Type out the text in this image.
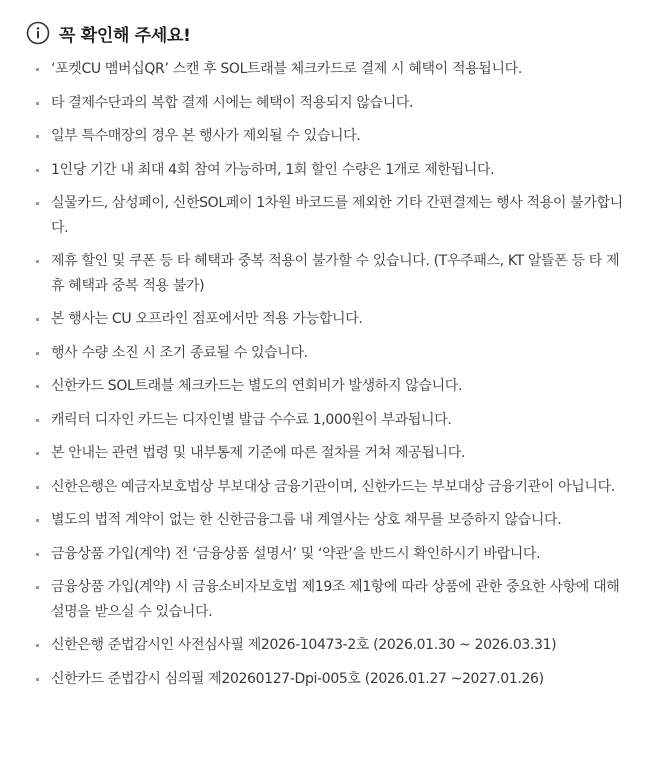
꼭 확인해 주세요!
‘포켓CU 멤버십QR’ 스캔 후 SOL트래블 체크카드로 결제 시 혜택이 적용됩니다.
타 결제수단과의 복합 결제 시에는 혜택이 적용되지 않습니다.
일부 특수매장의 경우 본 행사가 제외될 수 있습니다.
1인당 기간 내 최대 4회 참여 가능하며, 1회 할인 수량은 1개로 제한됩니다.
실물카드, 삼성페이, 신한SOL페이 1차원 바코드를 제외한 기타 간편결제는 행사 적용이 불가합니다.
제휴 할인 및 쿠폰 등 타 혜택과 중복 적용이 불가할 수 있습니다. (T우주패스, KT 알뜰폰 등 타 제휴 혜택과 중복 적용 불가)
본 행사는 CU 오프라인 점포에서만 적용 가능합니다.
행사 수량 소진 시 조기 종료될 수 있습니다.
신한카드 SOL트래블 체크카드는 별도의 연회비가 발생하지 않습니다.
캐릭터 디자인 카드는 디자인별 발급 수수료 1,000원이 부과됩니다.
본 안내는 관련 법령 및 내부통제 기준에 따른 절차를 거쳐 제공됩니다.
신한은행은 예금자보호법상 부보대상 금융기관이며, 신한카드는 부보대상 금융기관이 아닙니다.
별도의 법적 계약이 없는 한 신한금융그룹 내 계열사는 상호 채무를 보증하지 않습니다.
금융상품 가입(계약) 전 ‘금융상품 설명서’ 및 ‘약관’을 반드시 확인하시기 바랍니다.
금융상품 가입(계약) 시 금융소비자보호법 제19조 제1항에 따라 상품에 관한 중요한 사항에 대해 설명을 받으실 수 있습니다.
신한은행 준법감시인 사전심사필 제2026-10473-2호 (2026.01.30 ~ 2026.03.31)
신한카드 준법감시 심의필 제20260127-Dpi-005호 (2026.01.27 ~2027.01.26)
